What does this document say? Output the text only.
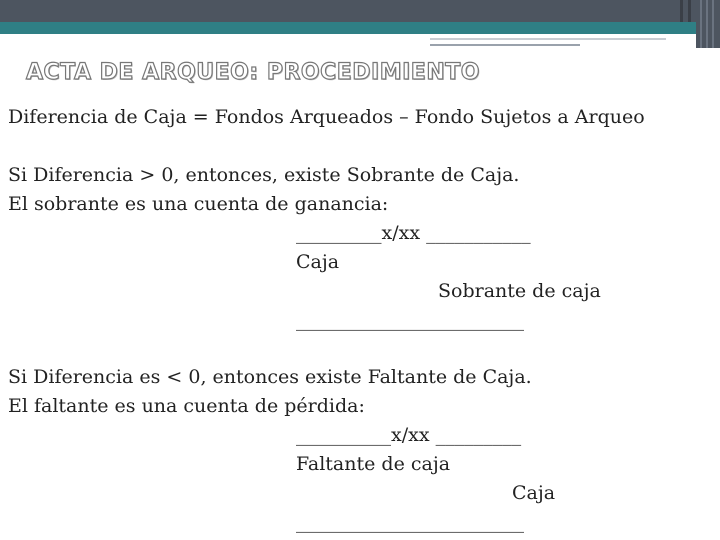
ACTA DE ARQUEO: PROCEDIMIENTO
Diferencia de Caja = Fondos Arqueados – Fondo Sujetos a Arqueo
Si Diferencia > 0, entonces, existe Sobrante de Caja.
El sobrante es una cuenta de ganancia:
_________x/xx ___________
Caja
Sobrante de caja
________________________
Si Diferencia es < 0, entonces existe Faltante de Caja.
El faltante es una cuenta de pérdida:
__________x/xx _________
Faltante de caja
Caja
________________________
